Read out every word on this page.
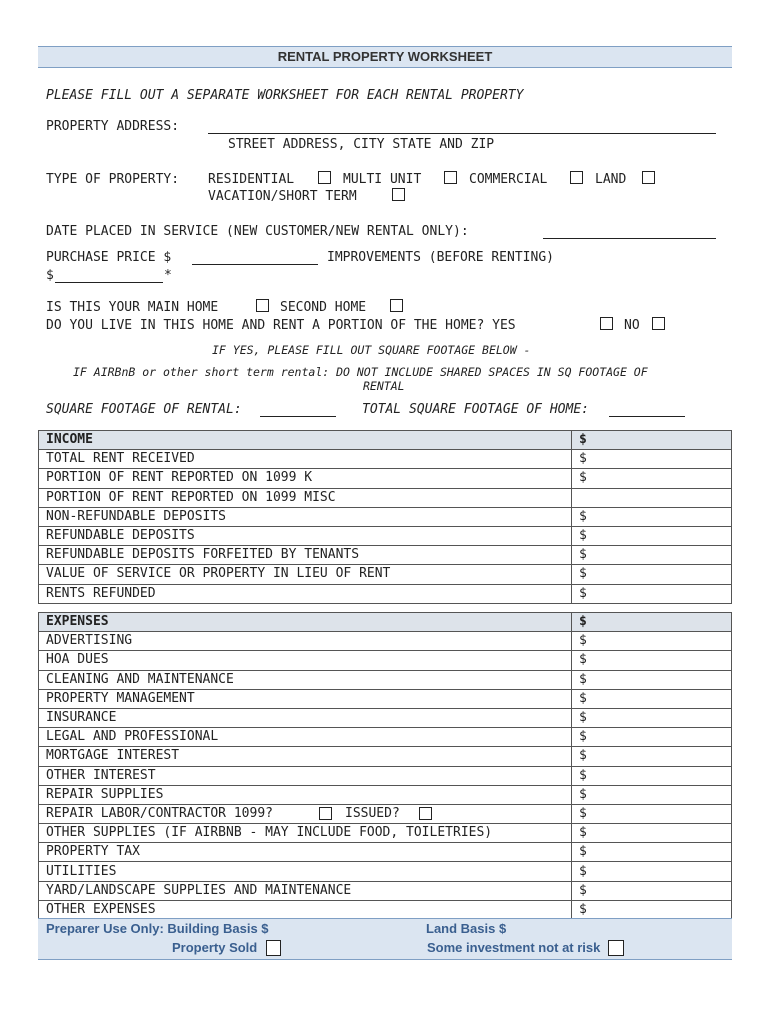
RENTAL PROPERTY WORKSHEET
PLEASE FILL OUT A SEPARATE WORKSHEET FOR EACH RENTAL PROPERTY
PROPERTY ADDRESS:
STREET ADDRESS, CITY STATE AND ZIP
TYPE OF PROPERTY: RESIDENTIAL	MULTI UNIT	COMMERCIAL	LAND
VACATION/SHORT TERM
DATE PLACED IN SERVICE (NEW CUSTOMER/NEW RENTAL ONLY):
PURCHASE PRICE $	IMPROVEMENTS (BEFORE RENTING)
$	*
IS THIS YOUR MAIN HOME	SECOND HOME
DO YOU LIVE IN THIS HOME AND RENT A PORTION OF THE HOME? YES	NO
IF YES, PLEASE FILL OUT SQUARE FOOTAGE BELOW -
IF AIRBnB or other short term rental: DO NOT INCLUDE SHARED SPACES IN SQ FOOTAGE OF
RENTAL
SQUARE FOOTAGE OF RENTAL:	TOTAL SQUARE FOOTAGE OF HOME:
INCOME	$
TOTAL RENT RECEIVED	$
PORTION OF RENT REPORTED ON 1099 K	$
PORTION OF RENT REPORTED ON 1099 MISC	
NON-REFUNDABLE DEPOSITS	$
REFUNDABLE DEPOSITS	$
REFUNDABLE DEPOSITS FORFEITED BY TENANTS	$
VALUE OF SERVICE OR PROPERTY IN LIEU OF RENT	$
RENTS REFUNDED	$
EXPENSES	$
ADVERTISING	$
HOA DUES	$
CLEANING AND MAINTENANCE	$
PROPERTY MANAGEMENT	$
INSURANCE	$
LEGAL AND PROFESSIONAL	$
MORTGAGE INTEREST	$
OTHER INTEREST	$
REPAIR SUPPLIES	$
REPAIR LABOR/CONTRACTOR 1099? ISSUED?	$
OTHER SUPPLIES (IF AIRBNB - MAY INCLUDE FOOD, TOILETRIES)	$
PROPERTY TAX	$
UTILITIES	$
YARD/LANDSCAPE SUPPLIES AND MAINTENANCE	$
OTHER EXPENSES	$
Preparer Use Only: Building Basis $	Land Basis $
Property Sold	Some investment not at risk
